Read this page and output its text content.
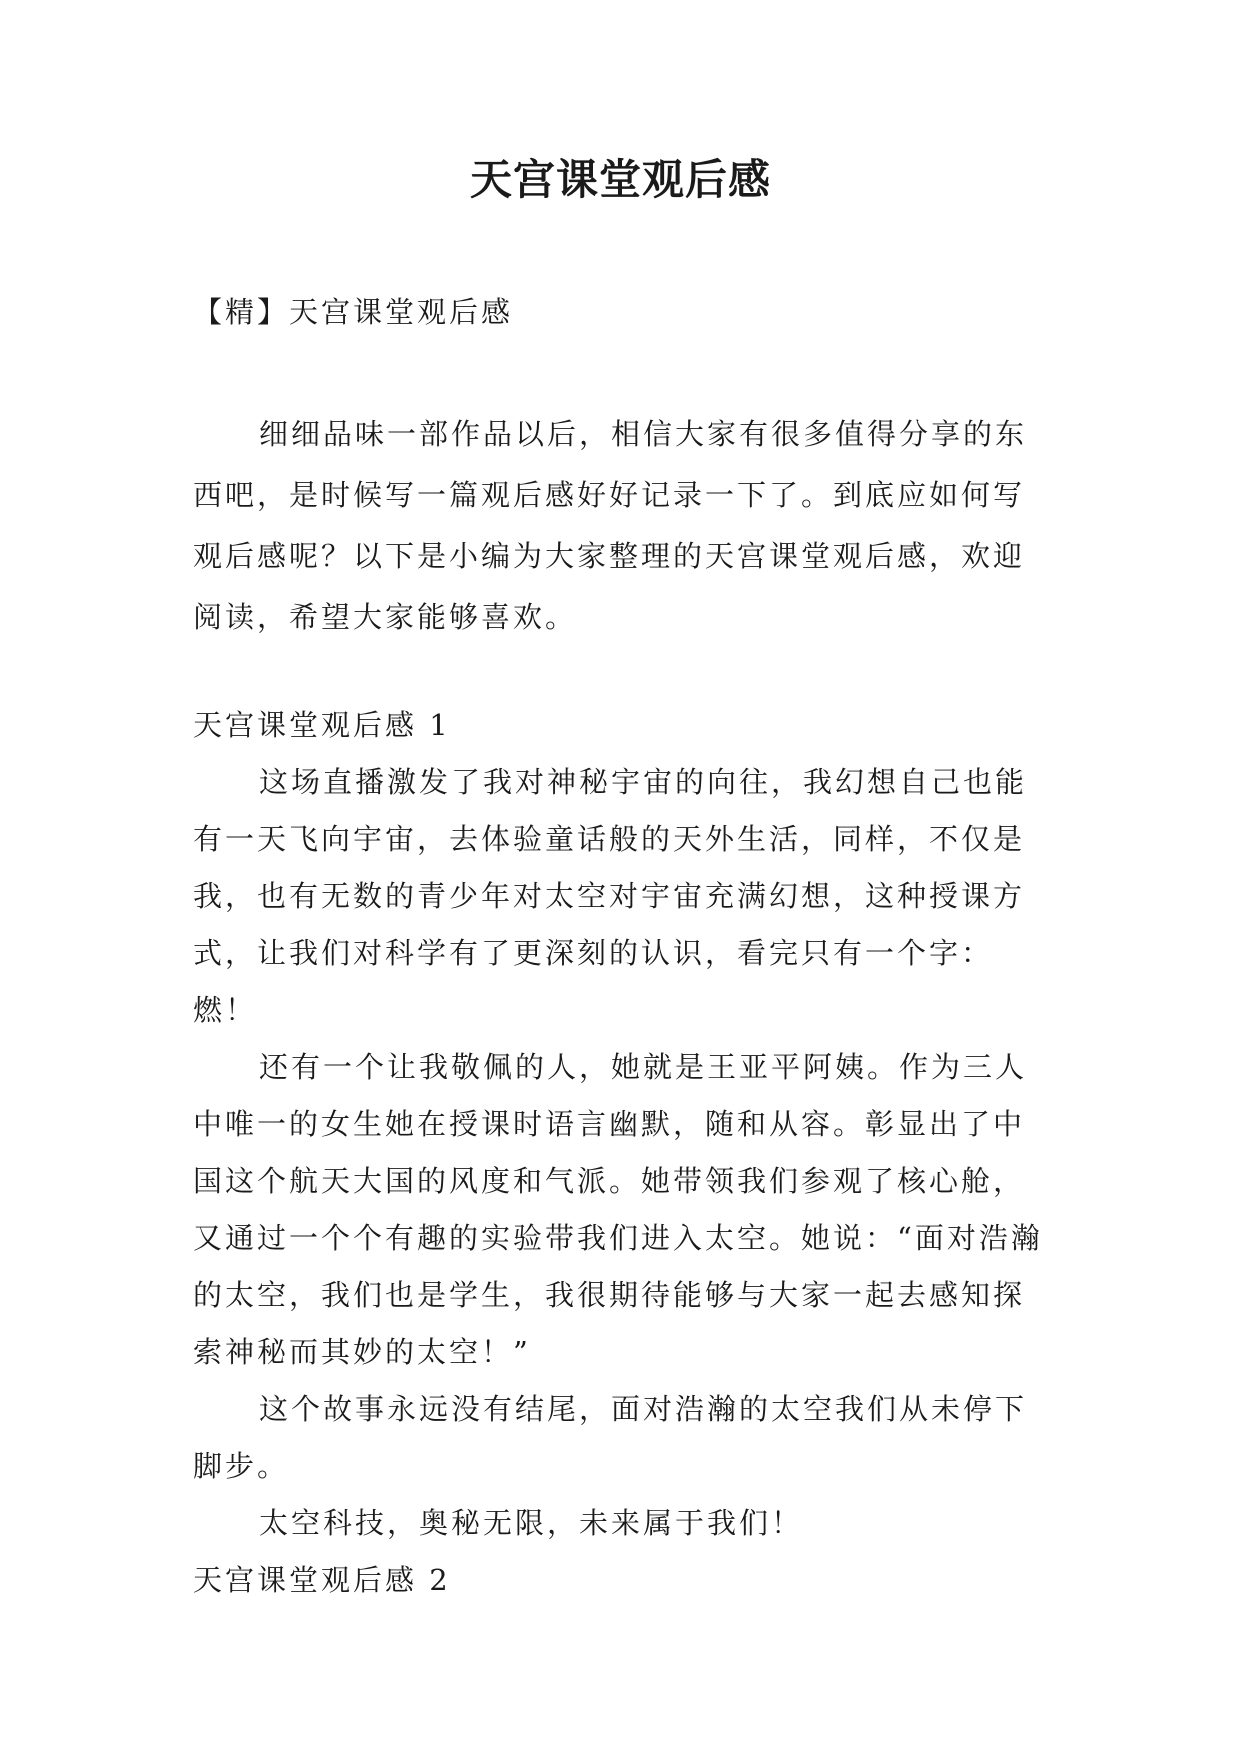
天宫课堂观后感

【精】天宫课堂观后感

细细品味一部作品以后，相信大家有很多值得分享的东西吧，是时候写一篇观后感好好记录一下了。到底应如何写观后感呢？以下是小编为大家整理的天宫课堂观后感，欢迎阅读，希望大家能够喜欢。

天宫课堂观后感 1

这场直播激发了我对神秘宇宙的向往，我幻想自己也能有一天飞向宇宙，去体验童话般的天外生活，同样，不仅是我，也有无数的青少年对太空对宇宙充满幻想，这种授课方式，让我们对科学有了更深刻的认识，看完只有一个字：燃！

还有一个让我敬佩的人，她就是王亚平阿姨。作为三人中唯一的女生她在授课时语言幽默，随和从容。彰显出了中国这个航天大国的风度和气派。她带领我们参观了核心舱，又通过一个个有趣的实验带我们进入太空。她说：“面对浩瀚的太空，我们也是学生，我很期待能够与大家一起去感知探索神秘而其妙的太空！”

这个故事永远没有结尾，面对浩瀚的太空我们从未停下脚步。

太空科技，奥秘无限，未来属于我们！

天宫课堂观后感 2
